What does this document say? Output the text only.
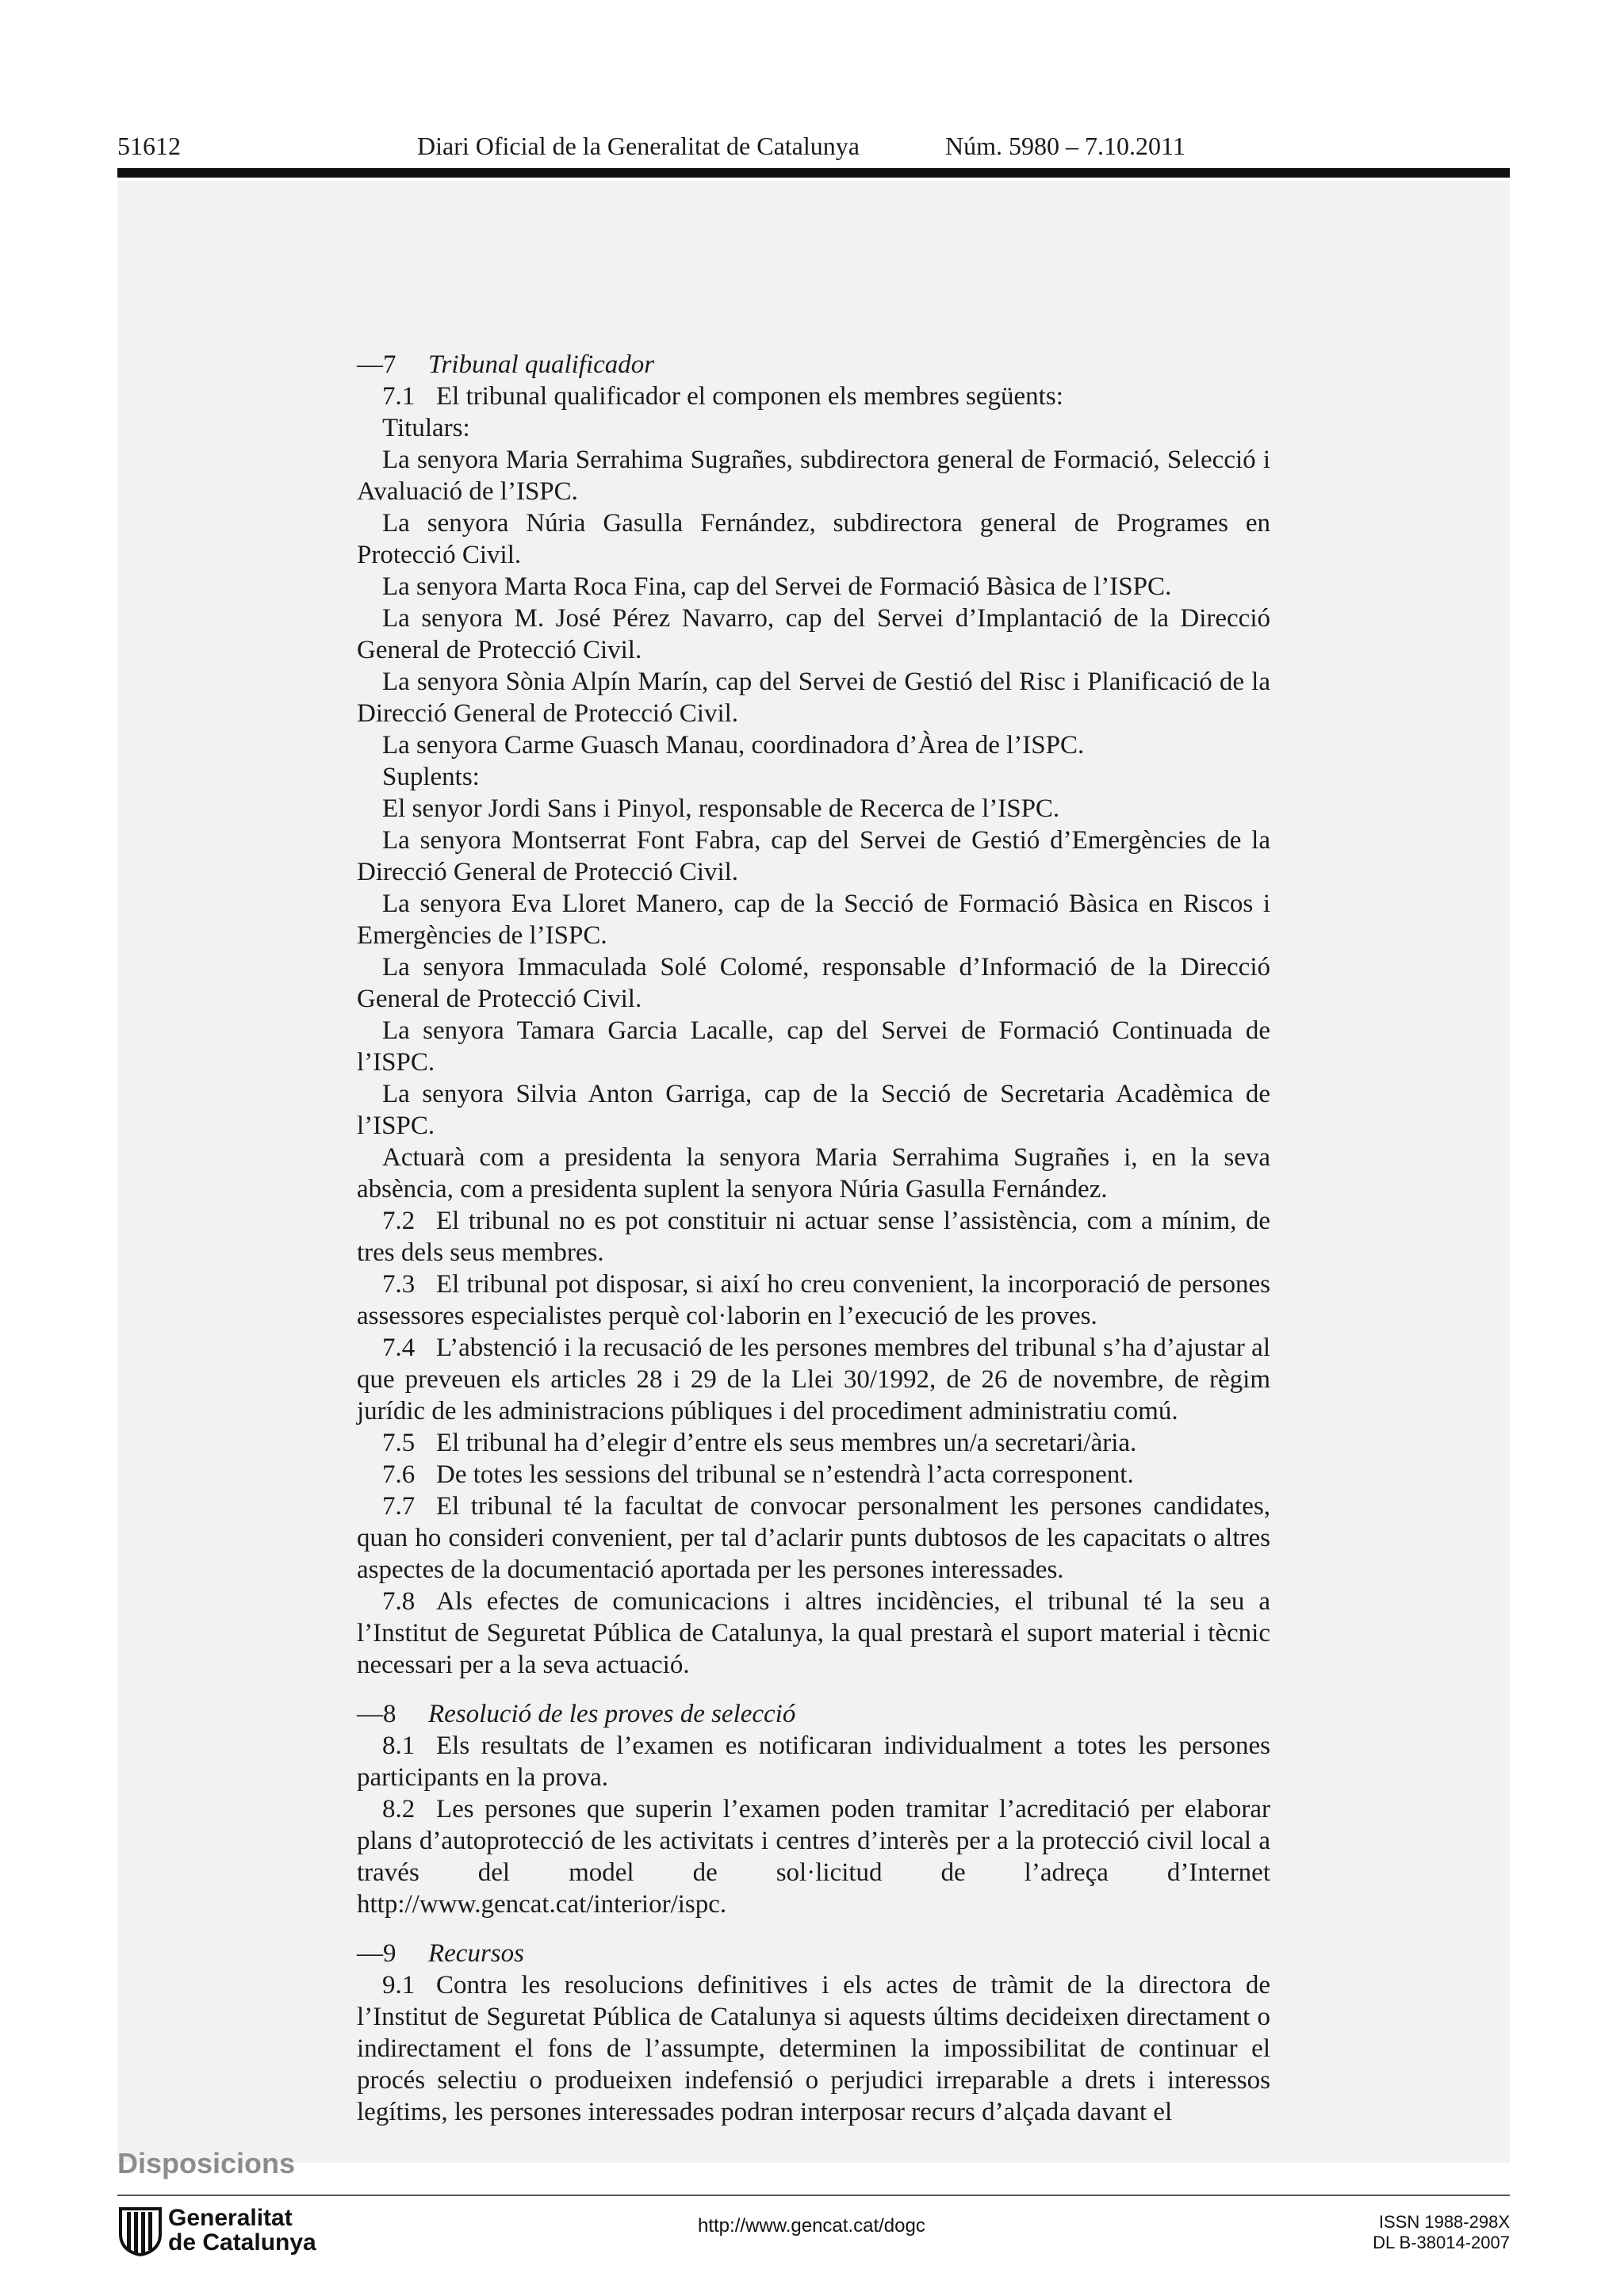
51612	Diari Oficial de la Generalitat de Catalunya	Núm. 5980 – 7.10.2011

—7 Tribunal qualificador

7.1 El tribunal qualificador el componen els membres següents:

Titulars:

La senyora Maria Serrahima Sugrañes, subdirectora general de Formació, Selecció i Avaluació de l’ISPC.

La senyora Núria Gasulla Fernández, subdirectora general de Programes en Protecció Civil.

La senyora Marta Roca Fina, cap del Servei de Formació Bàsica de l’ISPC.

La senyora M. José Pérez Navarro, cap del Servei d’Implantació de la Direcció General de Protecció Civil.

La senyora Sònia Alpín Marín, cap del Servei de Gestió del Risc i Planificació de la Direcció General de Protecció Civil.

La senyora Carme Guasch Manau, coordinadora d’Àrea de l’ISPC.

Suplents:

El senyor Jordi Sans i Pinyol, responsable de Recerca de l’ISPC.

La senyora Montserrat Font Fabra, cap del Servei de Gestió d’Emergències de la Direcció General de Protecció Civil.

La senyora Eva Lloret Manero, cap de la Secció de Formació Bàsica en Riscos i Emergències de l’ISPC.

La senyora Immaculada Solé Colomé, responsable d’Informació de la Direcció General de Protecció Civil.

La senyora Tamara Garcia Lacalle, cap del Servei de Formació Continuada de l’ISPC.

La senyora Silvia Anton Garriga, cap de la Secció de Secretaria Acadèmica de l’ISPC.

Actuarà com a presidenta la senyora Maria Serrahima Sugrañes i, en la seva absència, com a presidenta suplent la senyora Núria Gasulla Fernández.

7.2 El tribunal no es pot constituir ni actuar sense l’assistència, com a mínim, de tres dels seus membres.

7.3 El tribunal pot disposar, si així ho creu convenient, la incorporació de persones assessores especialistes perquè col·laborin en l’execució de les proves.

7.4 L’abstenció i la recusació de les persones membres del tribunal s’ha d’ajustar al que preveuen els articles 28 i 29 de la Llei 30/1992, de 26 de novembre, de règim jurídic de les administracions públiques i del procediment administratiu comú.

7.5 El tribunal ha d’elegir d’entre els seus membres un/a secretari/ària.

7.6 De totes les sessions del tribunal se n’estendrà l’acta corresponent.

7.7 El tribunal té la facultat de convocar personalment les persones candidates, quan ho consideri convenient, per tal d’aclarir punts dubtosos de les capacitats o altres aspectes de la documentació aportada per les persones interessades.

7.8 Als efectes de comunicacions i altres incidències, el tribunal té la seu a l’Institut de Seguretat Pública de Catalunya, la qual prestarà el suport material i tècnic necessari per a la seva actuació.

—8 Resolució de les proves de selecció

8.1 Els resultats de l’examen es notificaran individualment a totes les persones participants en la prova.

8.2 Les persones que superin l’examen poden tramitar l’acreditació per elaborar plans d’autoprotecció de les activitats i centres d’interès per a la protecció civil local a través del model de sol·licitud de l’adreça d’Internet http://www.gencat.cat/interior/ispc.

—9 Recursos

9.1 Contra les resolucions definitives i els actes de tràmit de la directora de l’Institut de Seguretat Pública de Catalunya si aquests últims decideixen directament o indirectament el fons de l’assumpte, determinen la impossibilitat de continuar el procés selectiu o produeixen indefensió o perjudici irreparable a drets i interessos legítims, les persones interessades podran interposar recurs d’alçada davant el

Disposicions
Generalitat
de Catalunya
http://www.gencat.cat/dogc	ISSN 1988-298X
DL B-38014-2007
